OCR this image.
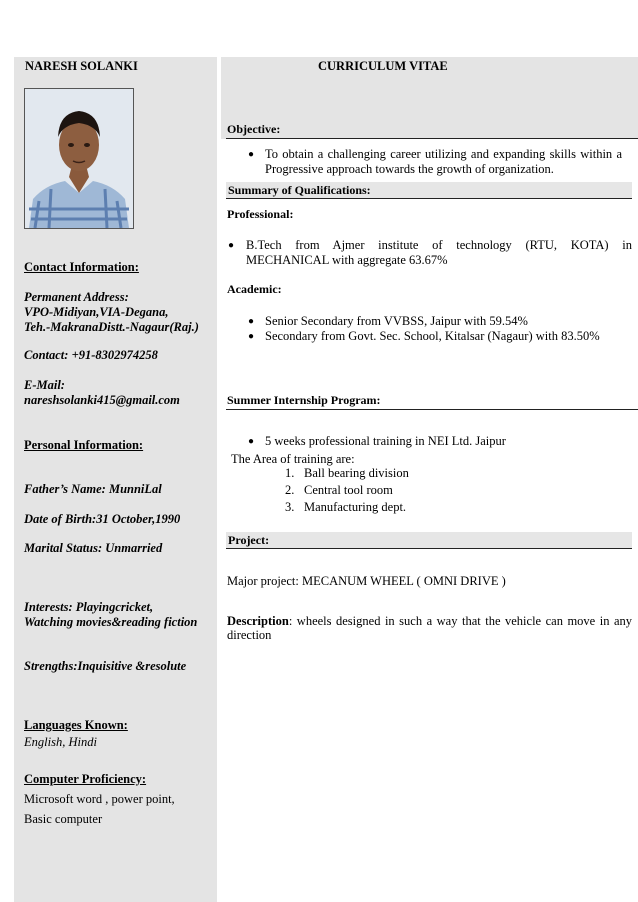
NARESH SOLANKI	CURRICULUM VITAE
Contact Information:
Permanent Address:
VPO-Midiyan,VIA-Degana,
Teh.-MakranaDistt.-Nagaur(Raj.)
Contact: +91-8302974258
E-Mail:
nareshsolanki415@gmail.com
Personal Information:
Father’s Name: MunniLal
Date of Birth:31 October,1990
Marital Status: Unmarried
Interests: Playingcricket,
Watching movies&reading fiction
Strengths:Inquisitive &resolute
Languages Known:
English, Hindi
Computer Proficiency:
Microsoft word , power point,
Basic computer
Objective:
● To obtain a challenging career utilizing and expanding skills within a
Progressive approach towards the growth of organization.
Summary of Qualifications:
Professional:
● B.Tech from Ajmer institute of technology (RTU, KOTA) in
MECHANICAL with aggregate 63.67%
Academic:
● Senior Secondary from VVBSS, Jaipur with 59.54%
● Secondary from Govt. Sec. School, Kitalsar (Nagaur) with 83.50%
Summer Internship Program:
● 5 weeks professional training in NEI Ltd. Jaipur
The Area of training are:
1. Ball bearing division
2. Central tool room
3. Manufacturing dept.
Project:
Major project: MECANUM WHEEL ( OMNI DRIVE )
Description: wheels designed in such a way that the vehicle can move in any
direction
